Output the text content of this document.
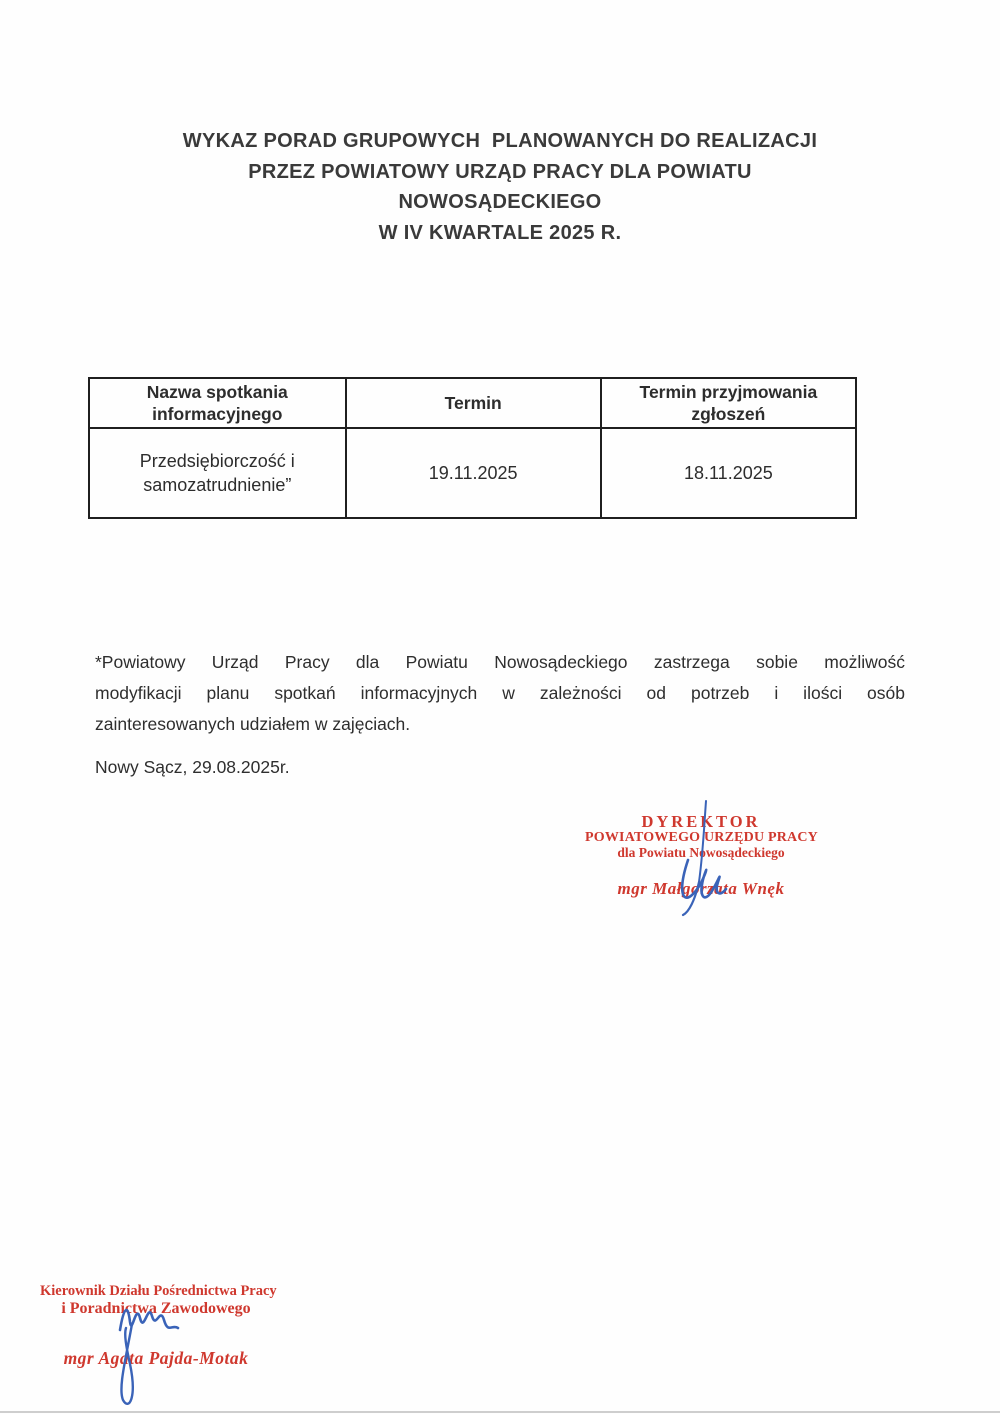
WYKAZ PORAD GRUPOWYCH  PLANOWANYCH DO REALIZACJI
PRZEZ POWIATOWY URZĄD PRACY DLA POWIATU
NOWOSĄDECKIEGO
W IV KWARTALE 2025 R.
Nazwa spotkania informacyjnego	Termin	Termin przyjmowania zgłoszeń
Przedsiębiorczość i samozatrudnienie”	19.11.2025	18.11.2025
*Powiatowy Urząd Pracy dla Powiatu Nowosądeckiego zastrzega sobie możliwość
modyfikacji planu spotkań informacyjnych w zależności od potrzeb i ilości osób
zainteresowanych udziałem w zajęciach.
Nowy Sącz, 29.08.2025r.
DYREKTOR
POWIATOWEGO URZĘDU PRACY
dla Powiatu Nowosądeckiego
mgr Małgorzata Wnęk
Kierownik Działu Pośrednictwa Pracy
i Poradnictwa Zawodowego
mgr Agata Pajda-Motak
